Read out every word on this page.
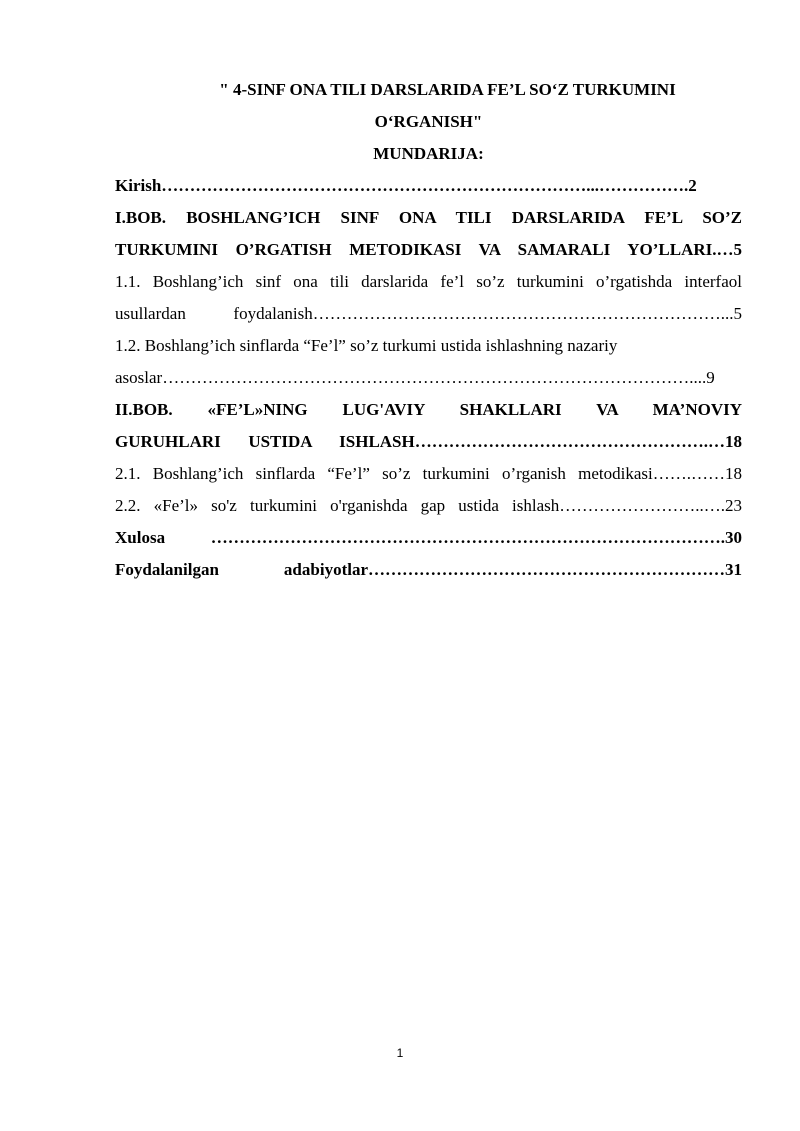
" 4-SINF ONA TILI DARSLARIDA FE’L SO‘Z TURKUMINI
O‘RGANISH"
MUNDARIJA:
Kirish…………………………………………………………………...…………….2
I.BOB. BOSHLANG’ICH SINF ONA TILI DARSLARIDA FE’L SO’Z
TURKUMINI O’RGATISH METODIKASI VA SAMARALI YO’LLARI.…5
1.1. Boshlang’ich sinf ona tili darslarida fe’l so’z turkumini o’rgatishda interfaol
usullardan foydalanish………………………………………………………………...5
1.2. Boshlang’ich sinflarda “Fe’l” so’z turkumi ustida ishlashning nazariy
asoslar…………………………………………………………………………………....9
II.BOB. «FE’L»NING LUG'AVIY SHAKLLARI VA MA’NOVIY
GURUHLARI USTIDA ISHLASH…………………………………………….…18
2.1. Boshlang’ich sinflarda “Fe’l” so’z turkumini o’rganish metodikasi…….……18
2.2. «Fe’l» so'z turkumini o'rganishda gap ustida ishlash……………………..….23
Xulosa ……………………………………………………………………………….30
Foydalanilgan adabiyotlar………………………………………………………31
1
